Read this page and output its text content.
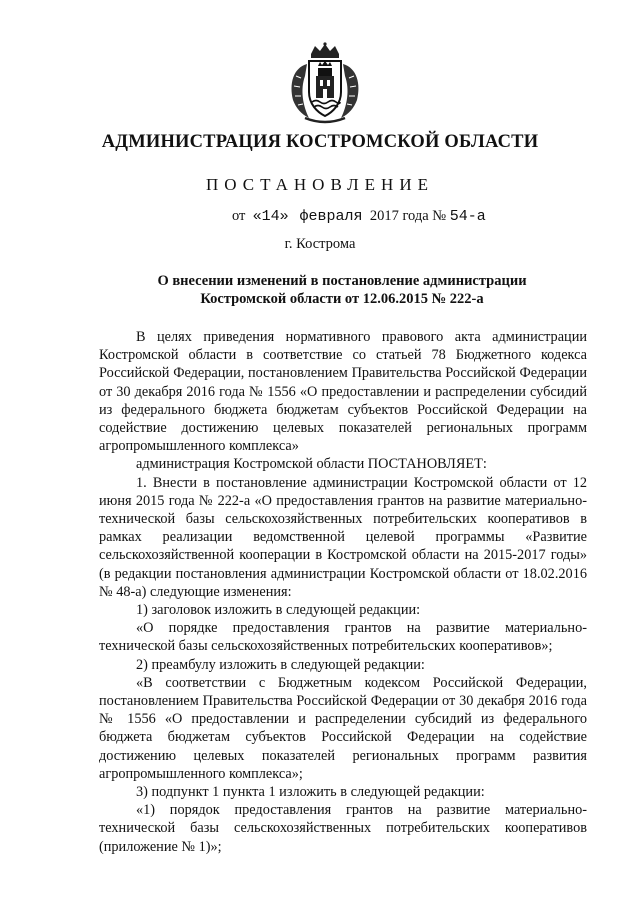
АДМИНИСТРАЦИЯ КОСТРОМСКОЙ ОБЛАСТИ
ПОСТАНОВЛЕНИЕ
от «14» февраля 2017 года № 54-а
г. Кострома
О внесении изменений в постановление администрации
Костромской области от 12.06.2015 № 222-а

В целях приведения нормативного правового акта администрации Костромской области в соответствие со статьей 78 Бюджетного кодекса Российской Федерации, постановлением Правительства Российской Федерации от 30 декабря 2016 года № 1556 «О предоставлении и распределении субсидий из федерального бюджета бюджетам субъектов Российской Федерации на содействие достижению целевых показателей региональных программ агропромышленного комплекса»

администрация Костромской области ПОСТАНОВЛЯЕТ:

1. Внести в постановление администрации Костромской области от 12 июня 2015 года № 222-а «О предоставления грантов на развитие материально-технической базы сельскохозяйственных потребительских кооперативов в рамках реализации ведомственной целевой программы «Развитие сельскохозяйственной кооперации в Костромской области на 2015-2017 годы» (в редакции постановления администрации Костромской области от 18.02.2016 № 48-а) следующие изменения:

1) заголовок изложить в следующей редакции:

«О порядке предоставления грантов на развитие материально-технической базы сельскохозяйственных потребительских кооперативов»;

2) преамбулу изложить в следующей редакции:

«В соответствии с Бюджетным кодексом Российской Федерации, постановлением Правительства Российской Федерации от 30 декабря 2016 года № 1556 «О предоставлении и распределении субсидий из федерального бюджета бюджетам субъектов Российской Федерации на содействие достижению целевых показателей региональных программ развития агропромышленного комплекса»;

3) подпункт 1 пункта 1 изложить в следующей редакции:

«1) порядок предоставления грантов на развитие материально-технической базы сельскохозяйственных потребительских кооперативов (приложение № 1)»;
